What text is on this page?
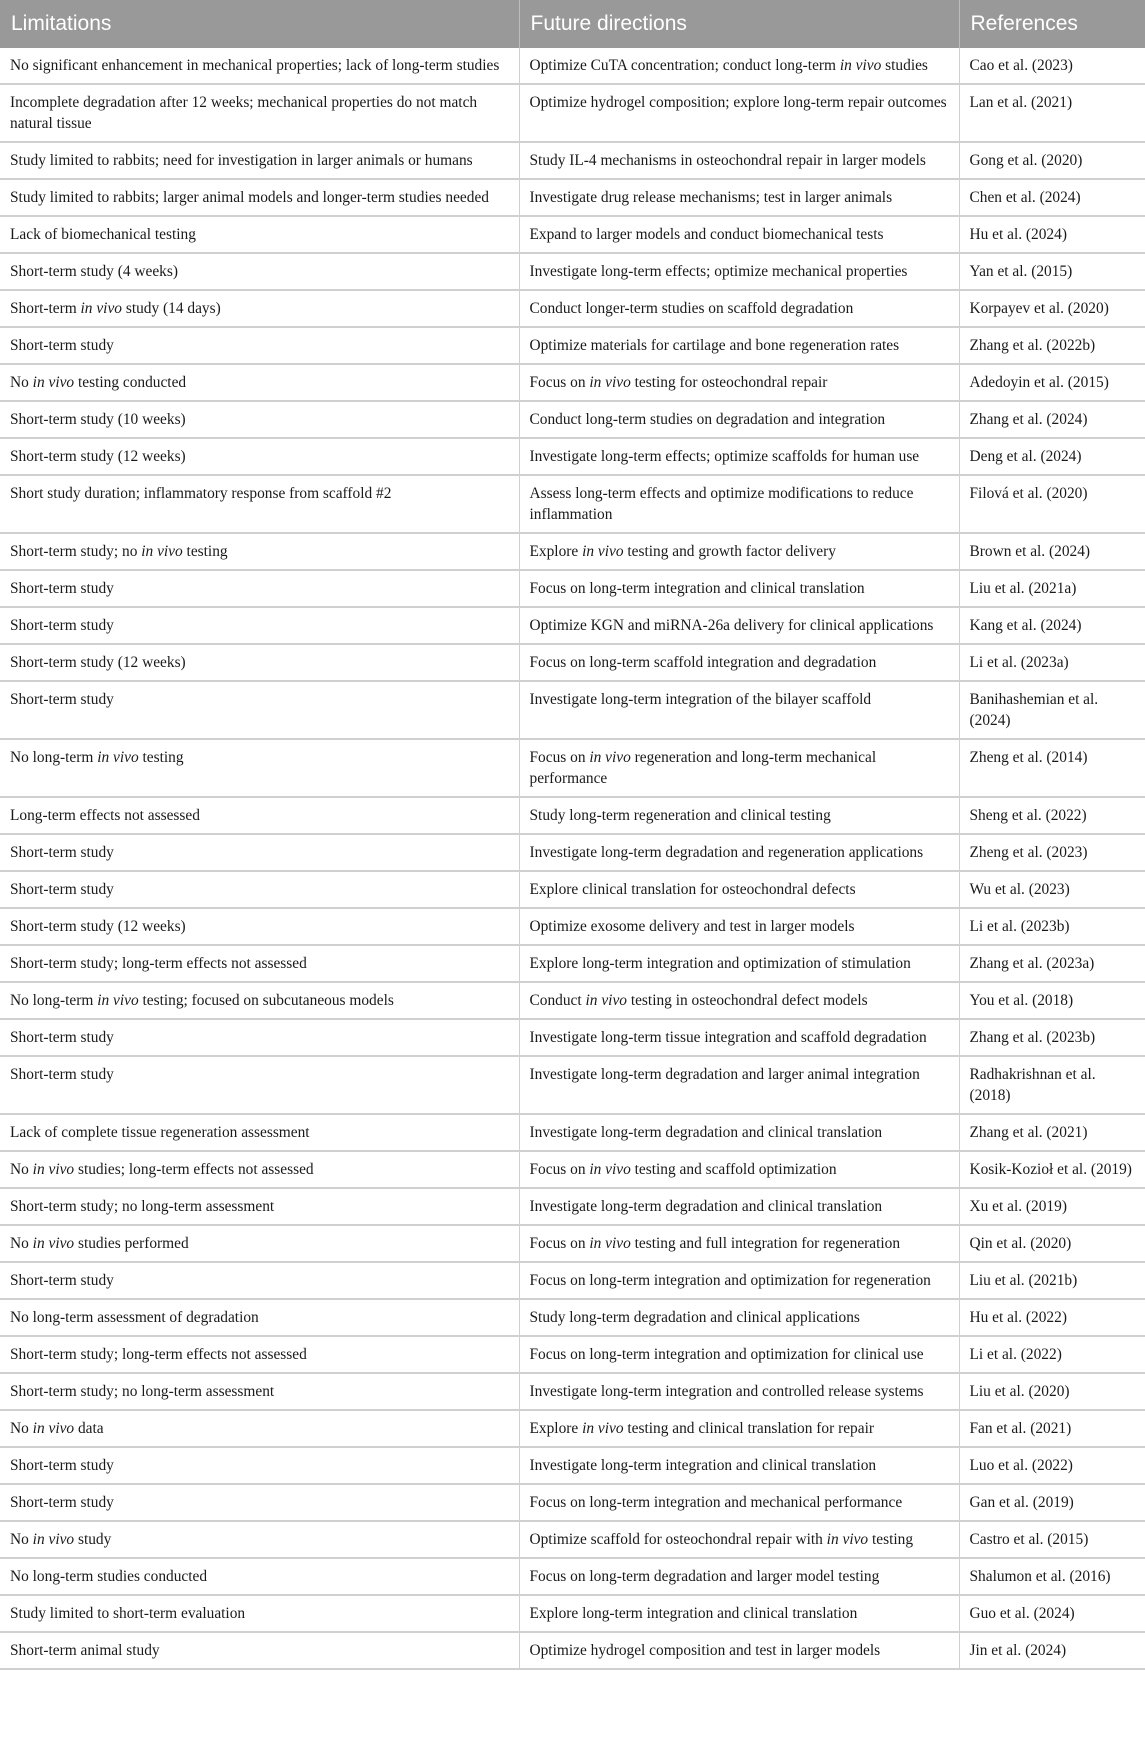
Limitations	Future directions	References
No significant enhancement in mechanical properties; lack of long-term studies	Optimize CuTA concentration; conduct long-term in vivo studies	Cao et al. (2023)
Incomplete degradation after 12 weeks; mechanical properties do not match natural tissue	Optimize hydrogel composition; explore long-term repair outcomes	Lan et al. (2021)
Study limited to rabbits; need for investigation in larger animals or humans	Study IL-4 mechanisms in osteochondral repair in larger models	Gong et al. (2020)
Study limited to rabbits; larger animal models and longer-term studies needed	Investigate drug release mechanisms; test in larger animals	Chen et al. (2024)
Lack of biomechanical testing	Expand to larger models and conduct biomechanical tests	Hu et al. (2024)
Short-term study (4 weeks)	Investigate long-term effects; optimize mechanical properties	Yan et al. (2015)
Short-term in vivo study (14 days)	Conduct longer-term studies on scaffold degradation	Korpayev et al. (2020)
Short-term study	Optimize materials for cartilage and bone regeneration rates	Zhang et al. (2022b)
No in vivo testing conducted	Focus on in vivo testing for osteochondral repair	Adedoyin et al. (2015)
Short-term study (10 weeks)	Conduct long-term studies on degradation and integration	Zhang et al. (2024)
Short-term study (12 weeks)	Investigate long-term effects; optimize scaffolds for human use	Deng et al. (2024)
Short study duration; inflammatory response from scaffold #2	Assess long-term effects and optimize modifications to reduce inflammation	Filová et al. (2020)
Short-term study; no in vivo testing	Explore in vivo testing and growth factor delivery	Brown et al. (2024)
Short-term study	Focus on long-term integration and clinical translation	Liu et al. (2021a)
Short-term study	Optimize KGN and miRNA-26a delivery for clinical applications	Kang et al. (2024)
Short-term study (12 weeks)	Focus on long-term scaffold integration and degradation	Li et al. (2023a)
Short-term study	Investigate long-term integration of the bilayer scaffold	Banihashemian et al. (2024)
No long-term in vivo testing	Focus on in vivo regeneration and long-term mechanical performance	Zheng et al. (2014)
Long-term effects not assessed	Study long-term regeneration and clinical testing	Sheng et al. (2022)
Short-term study	Investigate long-term degradation and regeneration applications	Zheng et al. (2023)
Short-term study	Explore clinical translation for osteochondral defects	Wu et al. (2023)
Short-term study (12 weeks)	Optimize exosome delivery and test in larger models	Li et al. (2023b)
Short-term study; long-term effects not assessed	Explore long-term integration and optimization of stimulation	Zhang et al. (2023a)
No long-term in vivo testing; focused on subcutaneous models	Conduct in vivo testing in osteochondral defect models	You et al. (2018)
Short-term study	Investigate long-term tissue integration and scaffold degradation	Zhang et al. (2023b)
Short-term study	Investigate long-term degradation and larger animal integration	Radhakrishnan et al. (2018)
Lack of complete tissue regeneration assessment	Investigate long-term degradation and clinical translation	Zhang et al. (2021)
No in vivo studies; long-term effects not assessed	Focus on in vivo testing and scaffold optimization	Kosik-Kozioł et al. (2019)
Short-term study; no long-term assessment	Investigate long-term degradation and clinical translation	Xu et al. (2019)
No in vivo studies performed	Focus on in vivo testing and full integration for regeneration	Qin et al. (2020)
Short-term study	Focus on long-term integration and optimization for regeneration	Liu et al. (2021b)
No long-term assessment of degradation	Study long-term degradation and clinical applications	Hu et al. (2022)
Short-term study; long-term effects not assessed	Focus on long-term integration and optimization for clinical use	Li et al. (2022)
Short-term study; no long-term assessment	Investigate long-term integration and controlled release systems	Liu et al. (2020)
No in vivo data	Explore in vivo testing and clinical translation for repair	Fan et al. (2021)
Short-term study	Investigate long-term integration and clinical translation	Luo et al. (2022)
Short-term study	Focus on long-term integration and mechanical performance	Gan et al. (2019)
No in vivo study	Optimize scaffold for osteochondral repair with in vivo testing	Castro et al. (2015)
No long-term studies conducted	Focus on long-term degradation and larger model testing	Shalumon et al. (2016)
Study limited to short-term evaluation	Explore long-term integration and clinical translation	Guo et al. (2024)
Short-term animal study	Optimize hydrogel composition and test in larger models	Jin et al. (2024)
